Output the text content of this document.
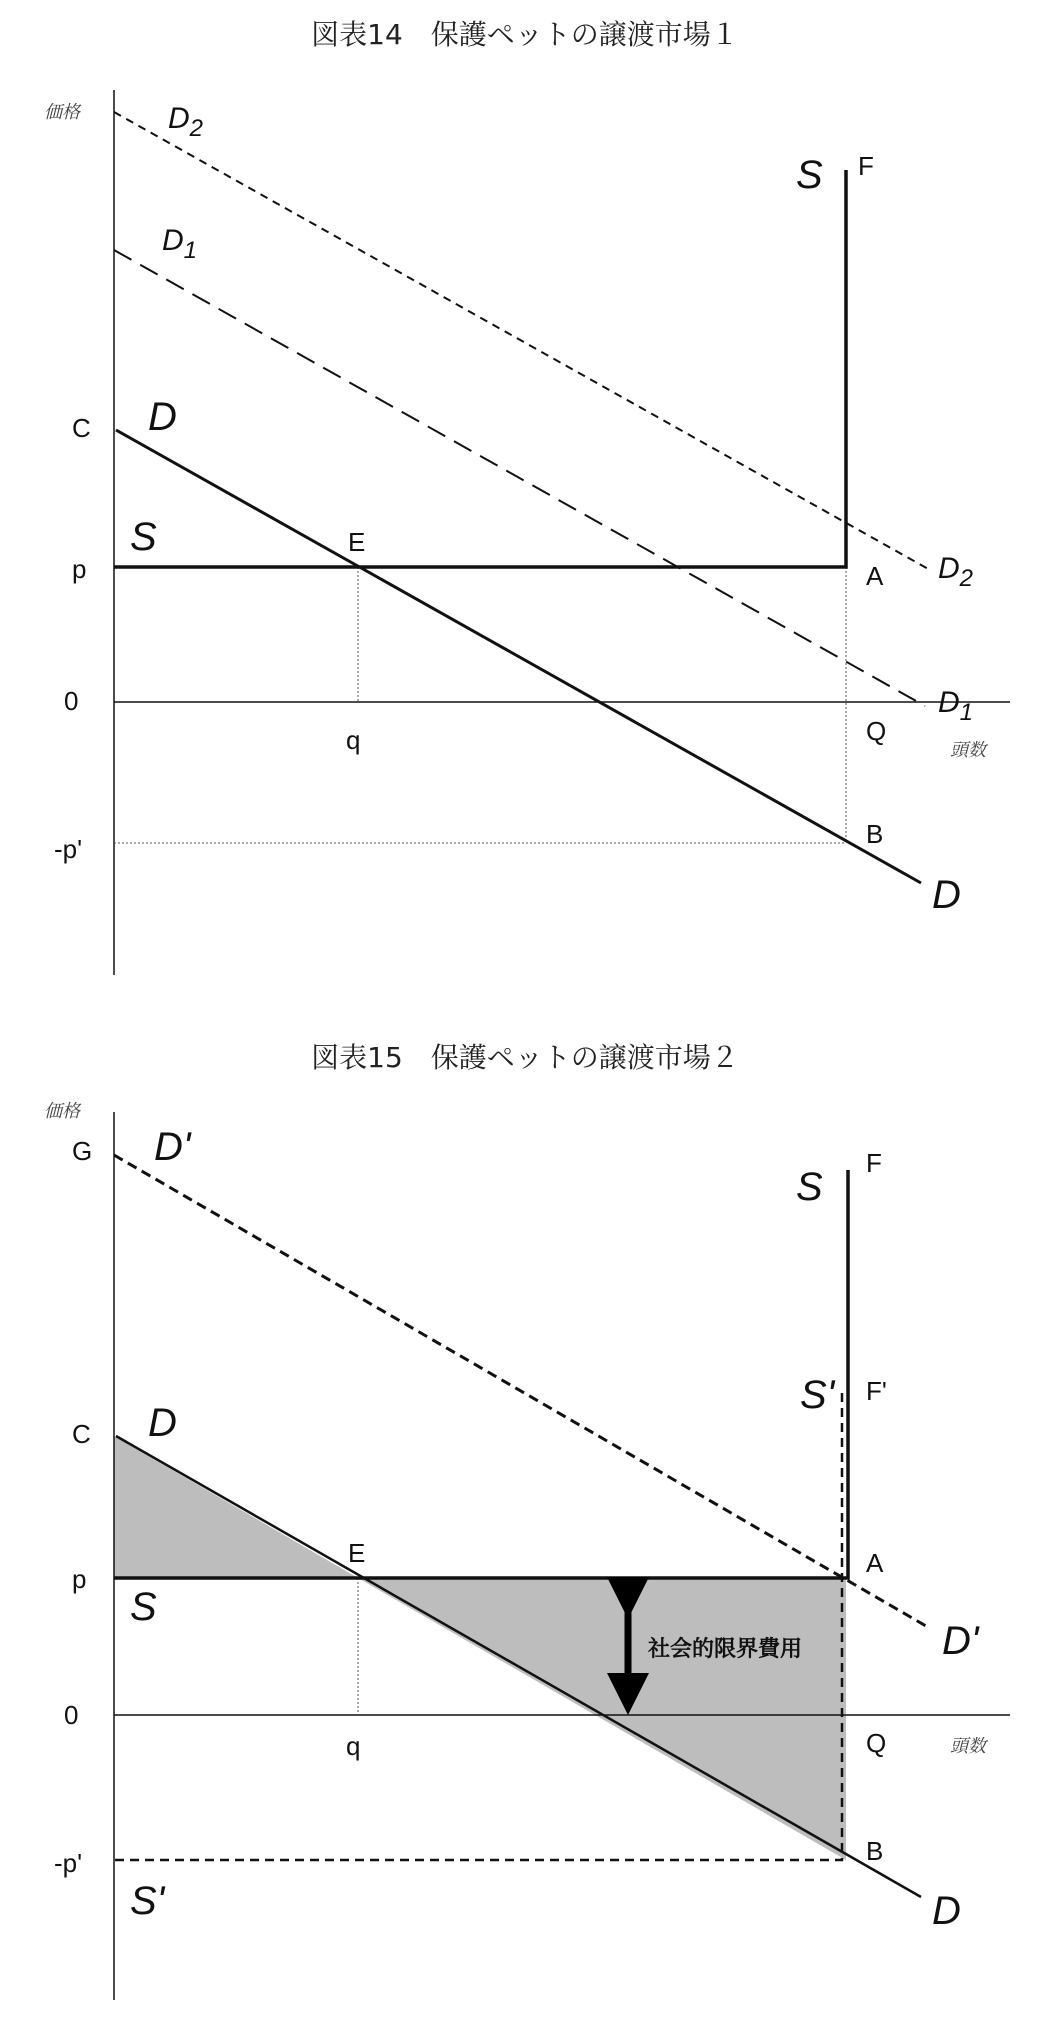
図表14　保護ペットの譲渡市場１
価格
頭数
C
p
0
-p'
E
q
A
Q
B
F
D
D
S
S
$D_2$
$D_2$
$D_1$
$D_1$
図表15　保護ペットの譲渡市場２
価格
頭数
社会的限界費用
G
C
p
0
-p'
E
q
A
Q
B
F
F'
D'
D'
D
D
S
S
S'
S'
